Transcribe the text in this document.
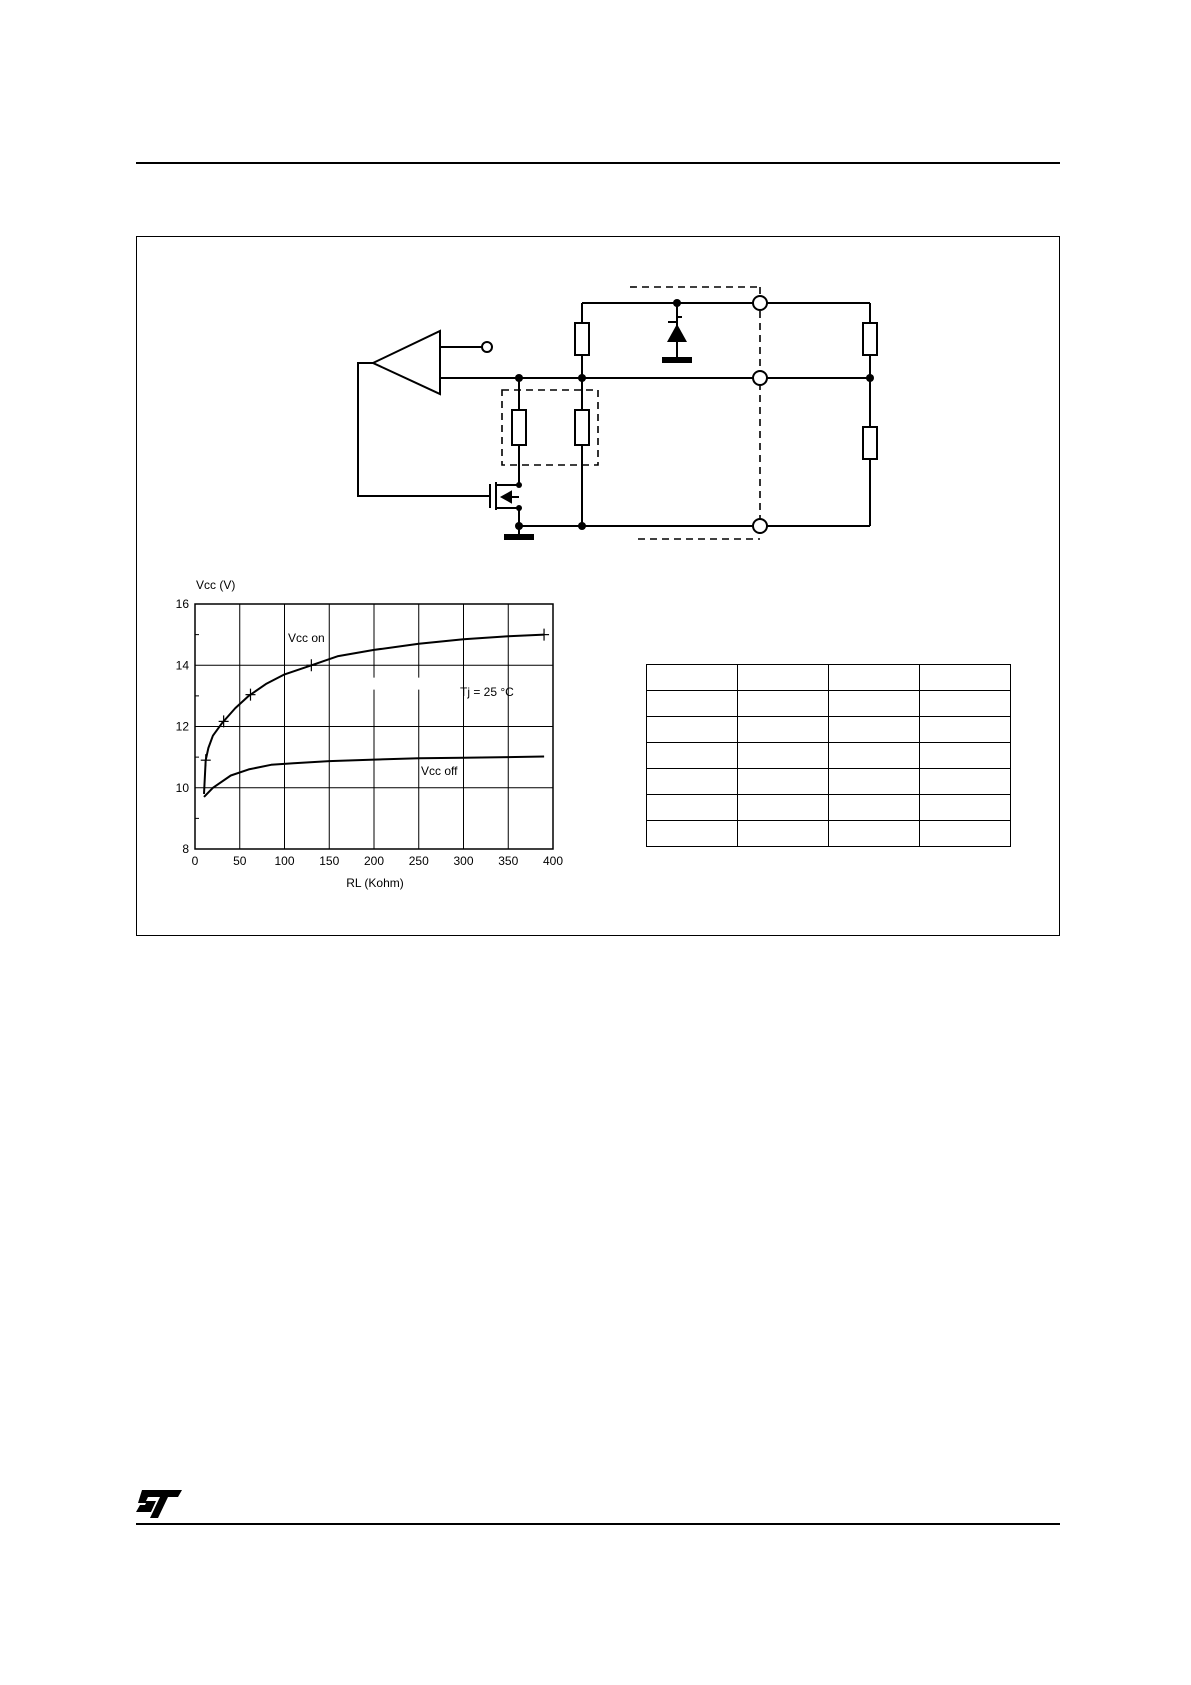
0	50 100 150 200 250 300 350 400
8
10
12
14
16
Vcc (V)
RL (Kohm)
Tj = 25 °C
Vcc on
Vcc off
